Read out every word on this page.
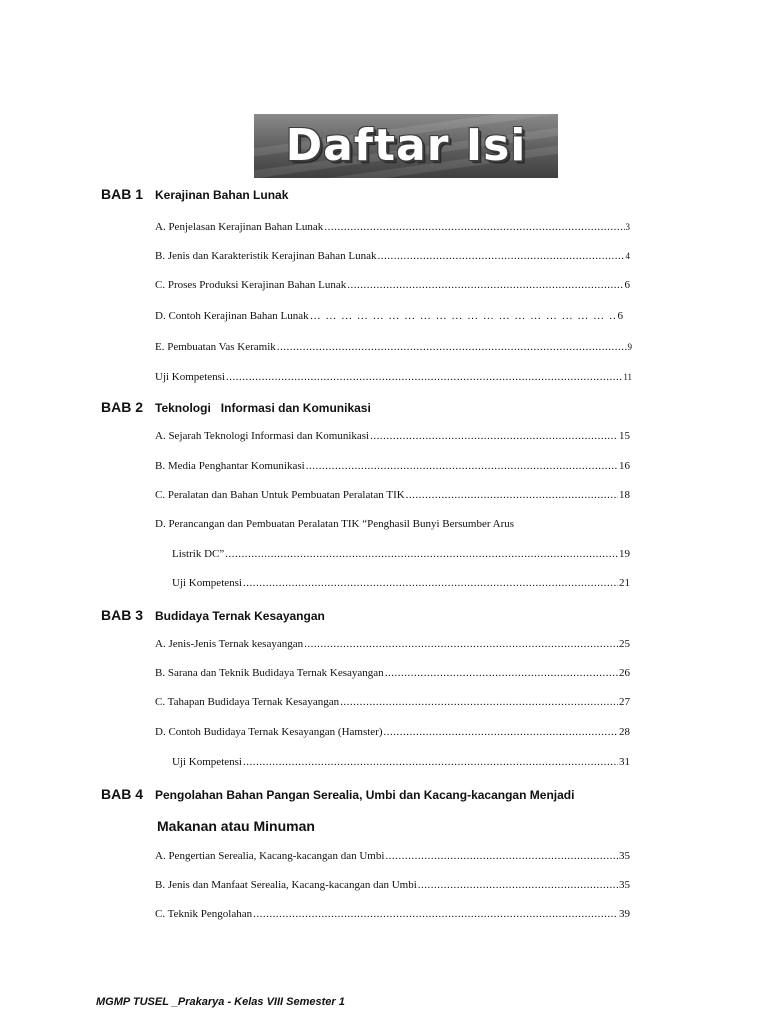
Daftar Isi
BAB 1 Kerajinan Bahan Lunak
A. Penjelasan Kerajinan Bahan Lunak .....	3
B. Jenis dan Karakteristik Kerajinan Bahan Lunak .....	4
C. Proses Produksi Kerajinan Bahan Lunak .....	6
D. Contoh Kerajinan Bahan Lunak … … … … … … … … … … … … … … … … … … … … … … … … … … … … … … … … … … … … … … … … … …	6
E. Pembuatan Vas Keramik .....	9
Uji Kompetensi .....	11
BAB 2 Teknologi   Informasi dan Komunikasi
A. Sejarah Teknologi Informasi dan Komunikasi .....	15
B. Media Penghantar Komunikasi .....	16
C. Peralatan dan Bahan Untuk Pembuatan Peralatan TIK .....	18
D. Perancangan dan Pembuatan Peralatan TIK “Penghasil Bunyi Bersumber Arus
Listrik DC” .....	19
Uji Kompetensi .....	21
BAB 3 Budidaya Ternak Kesayangan
A. Jenis-Jenis Ternak kesayangan .....	25
B. Sarana dan Teknik Budidaya Ternak Kesayangan .....	26
C. Tahapan Budidaya Ternak Kesayangan .....	27
D. Contoh Budidaya Ternak Kesayangan (Hamster) .....	28
Uji Kompetensi .....	31
BAB 4 Pengolahan Bahan Pangan Serealia, Umbi dan Kacang-kacangan Menjadi
Makanan atau Minuman
A. Pengertian Serealia, Kacang-kacangan dan Umbi .....	35
B. Jenis dan Manfaat Serealia, Kacang-kacangan dan Umbi .....	35
C. Teknik Pengolahan .....	39
MGMP TUSEL _Prakarya - Kelas VIII Semester 1
